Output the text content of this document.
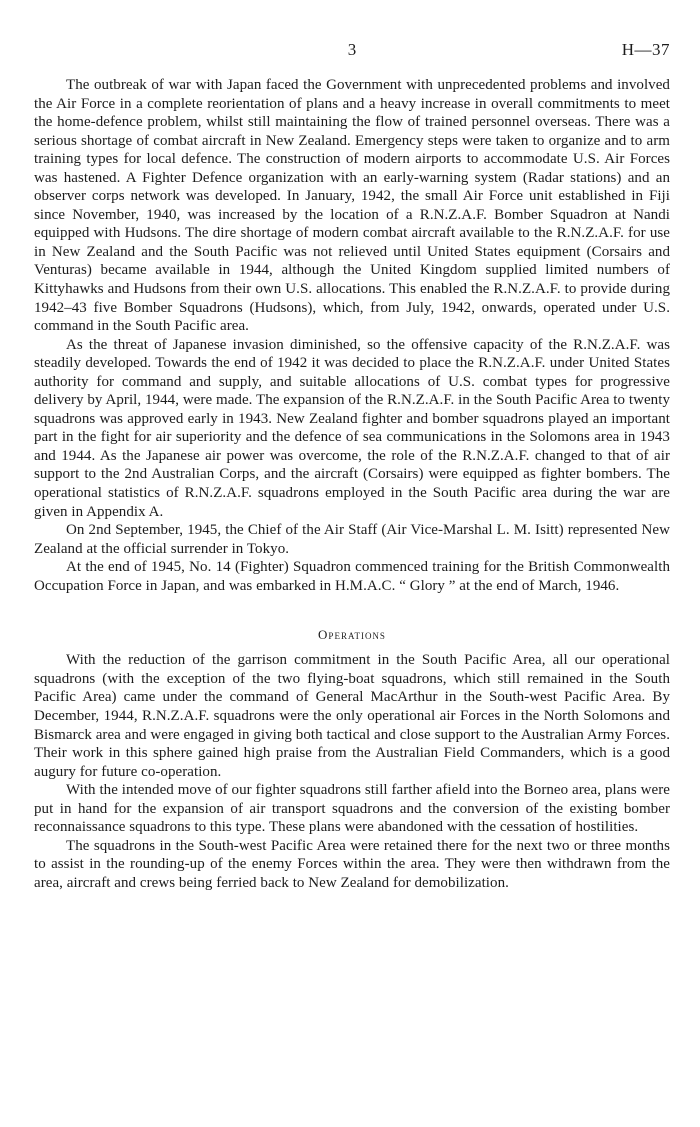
3	H—37

The outbreak of war with Japan faced the Government with unprecedented problems and involved the Air Force in a complete reorientation of plans and a heavy increase in overall commitments to meet the home-defence problem, whilst still maintaining the flow of trained personnel overseas. There was a serious shortage of combat aircraft in New Zealand. Emergency steps were taken to organize and to arm training types for local defence. The construction of modern airports to accommodate U.S. Air Forces was hastened. A Fighter Defence organization with an early-warning system (Radar stations) and an observer corps network was developed. In January, 1942, the small Air Force unit established in Fiji since November, 1940, was increased by the location of a R.N.Z.A.F. Bomber Squadron at Nandi equipped with Hudsons. The dire shortage of modern combat aircraft available to the R.N.Z.A.F. for use in New Zealand and the South Pacific was not relieved until United States equipment (Corsairs and Venturas) became available in 1944, although the United Kingdom supplied limited numbers of Kittyhawks and Hudsons from their own U.S. allocations. This enabled the R.N.Z.A.F. to provide during 1942–43 five Bomber Squadrons (Hudsons), which, from July, 1942, onwards, operated under U.S. command in the South Pacific area.

As the threat of Japanese invasion diminished, so the offensive capacity of the R.N.Z.A.F. was steadily developed. Towards the end of 1942 it was decided to place the R.N.Z.A.F. under United States authority for command and supply, and suitable allocations of U.S. combat types for progressive delivery by April, 1944, were made. The expansion of the R.N.Z.A.F. in the South Pacific Area to twenty squadrons was approved early in 1943. New Zealand fighter and bomber squadrons played an important part in the fight for air superiority and the defence of sea communications in the Solomons area in 1943 and 1944. As the Japanese air power was overcome, the role of the R.N.Z.A.F. changed to that of air support to the 2nd Australian Corps, and the aircraft (Corsairs) were equipped as fighter bombers. The operational statistics of R.N.Z.A.F. squadrons employed in the South Pacific area during the war are given in Appendix A.

On 2nd September, 1945, the Chief of the Air Staff (Air Vice-Marshal L. M. Isitt) represented New Zealand at the official surrender in Tokyo.

At the end of 1945, No. 14 (Fighter) Squadron commenced training for the British Commonwealth Occupation Force in Japan, and was embarked in H.M.A.C. “ Glory ” at the end of March, 1946.

Operations

With the reduction of the garrison commitment in the South Pacific Area, all our operational squadrons (with the exception of the two flying-boat squadrons, which still remained in the South Pacific Area) came under the command of General MacArthur in the South-west Pacific Area. By December, 1944, R.N.Z.A.F. squadrons were the only operational air Forces in the North Solomons and Bismarck area and were engaged in giving both tactical and close support to the Australian Army Forces. Their work in this sphere gained high praise from the Australian Field Commanders, which is a good augury for future co-operation.

With the intended move of our fighter squadrons still farther afield into the Borneo area, plans were put in hand for the expansion of air transport squadrons and the conversion of the existing bomber reconnaissance squadrons to this type. These plans were abandoned with the cessation of hostilities.

The squadrons in the South-west Pacific Area were retained there for the next two or three months to assist in the rounding-up of the enemy Forces within the area. They were then withdrawn from the area, aircraft and crews being ferried back to New Zealand for demobilization.
